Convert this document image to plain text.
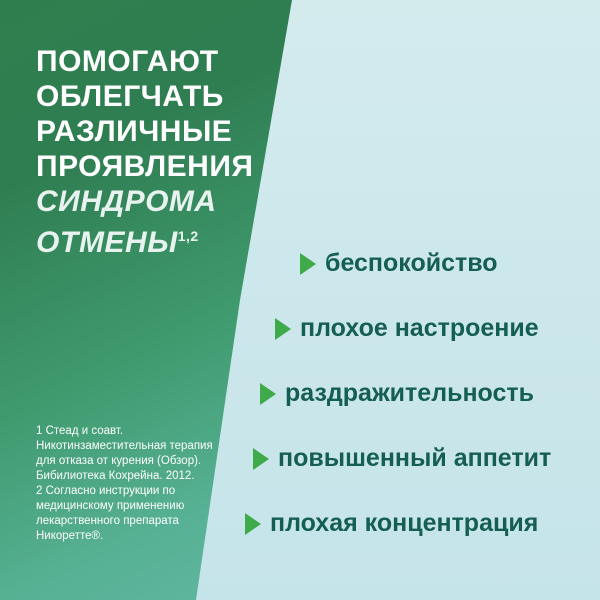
ПОМОГАЮТ
ОБЛЕГЧАТЬ
РАЗЛИЧНЫЕ
ПРОЯВЛЕНИЯ
СИНДРОМА
ОТМЕНЫ$^{1,2}$

1 Стеад и соавт. Никотинзаместительная терапия для отказа от курения (Обзор). Бибилиотека Кохрейна. 2012.

2 Согласно инструкции по медицинскому применению лекарственного препарата Никоретте®.

беспокойство
плохое настроение
раздражительность
повышенный аппетит
плохая концентрация
